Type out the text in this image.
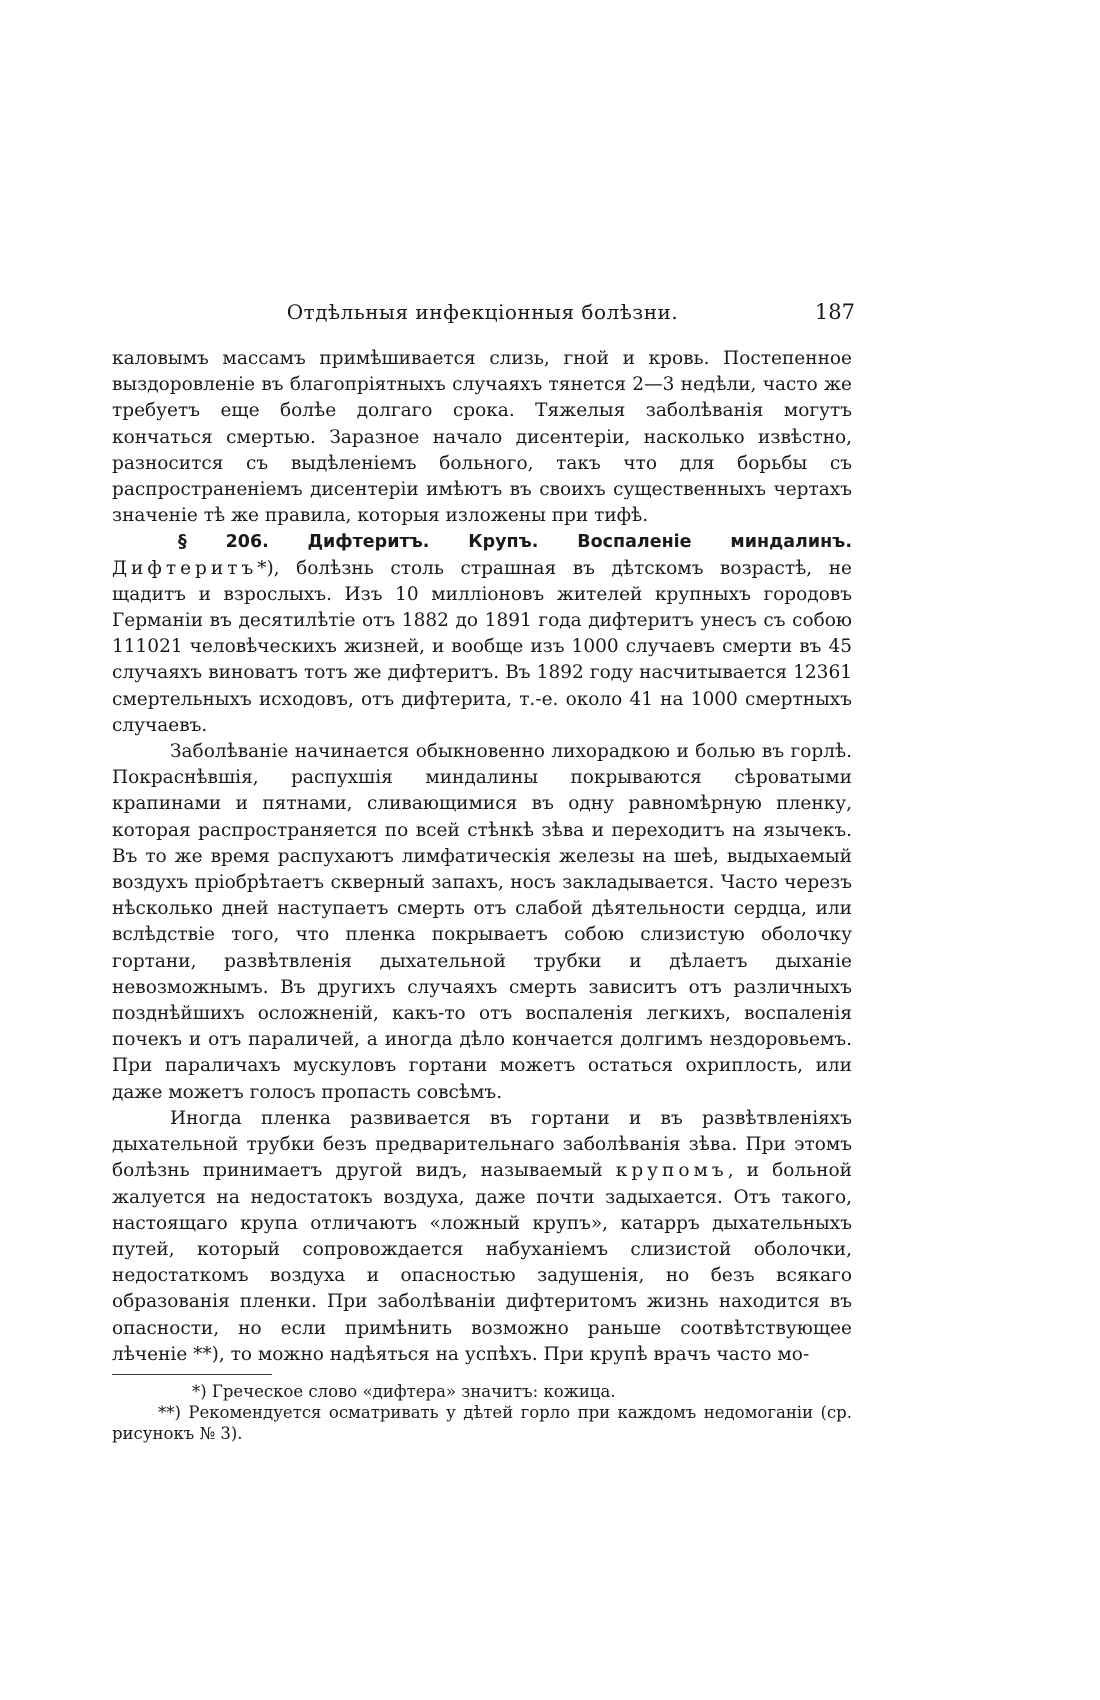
Отдѣльныя инфекціонныя болѣзни.	187

каловымъ массамъ примѣшивается слизь, гной и кровь. Постепенное выздоровленіе въ благопріятныхъ случаяхъ тянется 2—3 недѣли, часто же требуетъ еще болѣе долгаго срока. Тяжелыя заболѣванія могутъ кончаться смертью. Заразное начало дисентеріи, насколько извѣстно, разносится съ выдѣленіемъ больного, такъ что для борьбы съ распространеніемъ дисентеріи имѣютъ въ своихъ существенныхъ чертахъ значеніе тѣ же правила, которыя изложены при тифѣ.

§ 206. Дифтеритъ. Крупъ. Воспаленіе миндалинъ. Дифтеритъ*), болѣзнь столь страшная въ дѣтскомъ возрастѣ, не щадитъ и взрослыхъ. Изъ 10 милліоновъ жителей крупныхъ городовъ Германіи въ десятилѣтіе отъ 1882 до 1891 года дифтеритъ унесъ съ собою 111021 человѣческихъ жизней, и вообще изъ 1000 случаевъ смерти въ 45 случаяхъ виноватъ тотъ же дифтеритъ. Въ 1892 году насчитывается 12361 смертельныхъ исходовъ, отъ дифтерита, т.-е. около 41 на 1000 смертныхъ случаевъ.

Заболѣваніе начинается обыкновенно лихорадкою и болью въ горлѣ. Покраснѣвшія, распухшія миндалины покрываются сѣроватыми крапинами и пятнами, сливающимися въ одну равномѣрную пленку, которая распространяется по всей стѣнкѣ зѣва и переходитъ на язычекъ. Въ то же время распухаютъ лимфатическія железы на шеѣ, выдыхаемый воздухъ пріобрѣтаетъ скверный запахъ, носъ закладывается. Часто черезъ нѣсколько дней наступаетъ смерть отъ слабой дѣятельности сердца, или вслѣдствіе того, что пленка покрываетъ собою слизистую оболочку гортани, развѣтвленія дыхательной трубки и дѣлаетъ дыханіе невозможнымъ. Въ другихъ случаяхъ смерть зависитъ отъ различныхъ позднѣйшихъ осложненій, какъ-то отъ воспаленія легкихъ, воспаленія почекъ и отъ параличей, а иногда дѣло кончается долгимъ нездоровьемъ. При параличахъ мускуловъ гортани можетъ остаться охриплость, или даже можетъ голосъ пропасть совсѣмъ.

Иногда пленка развивается въ гортани и въ развѣтвленіяхъ дыхательной трубки безъ предварительнаго заболѣванія зѣва. При этомъ болѣзнь принимаетъ другой видъ, называемый крупомъ, и больной жалуется на недостатокъ воздуха, даже почти задыхается. Отъ такого, настоящаго крупа отличаютъ «ложный крупъ», катарръ дыхательныхъ путей, который сопровождается набуханіемъ слизистой оболочки, недостаткомъ воздуха и опасностью задушенія, но безъ всякаго образованія пленки. При заболѣваніи дифтеритомъ жизнь находится въ опасности, но если примѣнить возможно раньше соотвѣтствующее лѣченіе **), то можно надѣяться на успѣхъ. При крупѣ врачъ часто мо-

*) Греческое слово «дифтера» значитъ: кожица.

**) Рекомендуется осматривать у дѣтей горло при каждомъ недомоганіи (ср. рисунокъ № 3).
